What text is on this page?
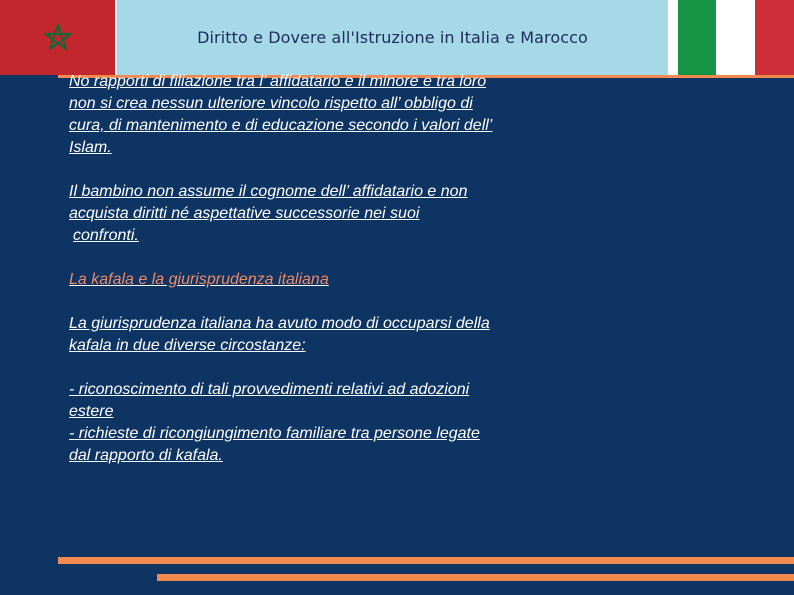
Diritto e Dovere all'Istruzione in Italia e Marocco

No rapporti di filiazione tra l’ affidatario e il minore e tra loro
non si crea nessun ulteriore vincolo rispetto all’ obbligo di
cura, di mantenimento e di educazione secondo i valori dell’
Islam.

Il bambino non assume il cognome dell’ affidatario e non
acquista diritti né aspettative successorie nei suoi
confronti.

La kafala e la giurisprudenza italiana

La giurisprudenza italiana ha avuto modo di occuparsi della
kafala in due diverse circostanze:

- riconoscimento di tali provvedimenti relativi ad adozioni
estere
- richieste di ricongiungimento familiare tra persone legate
dal rapporto di kafala.
